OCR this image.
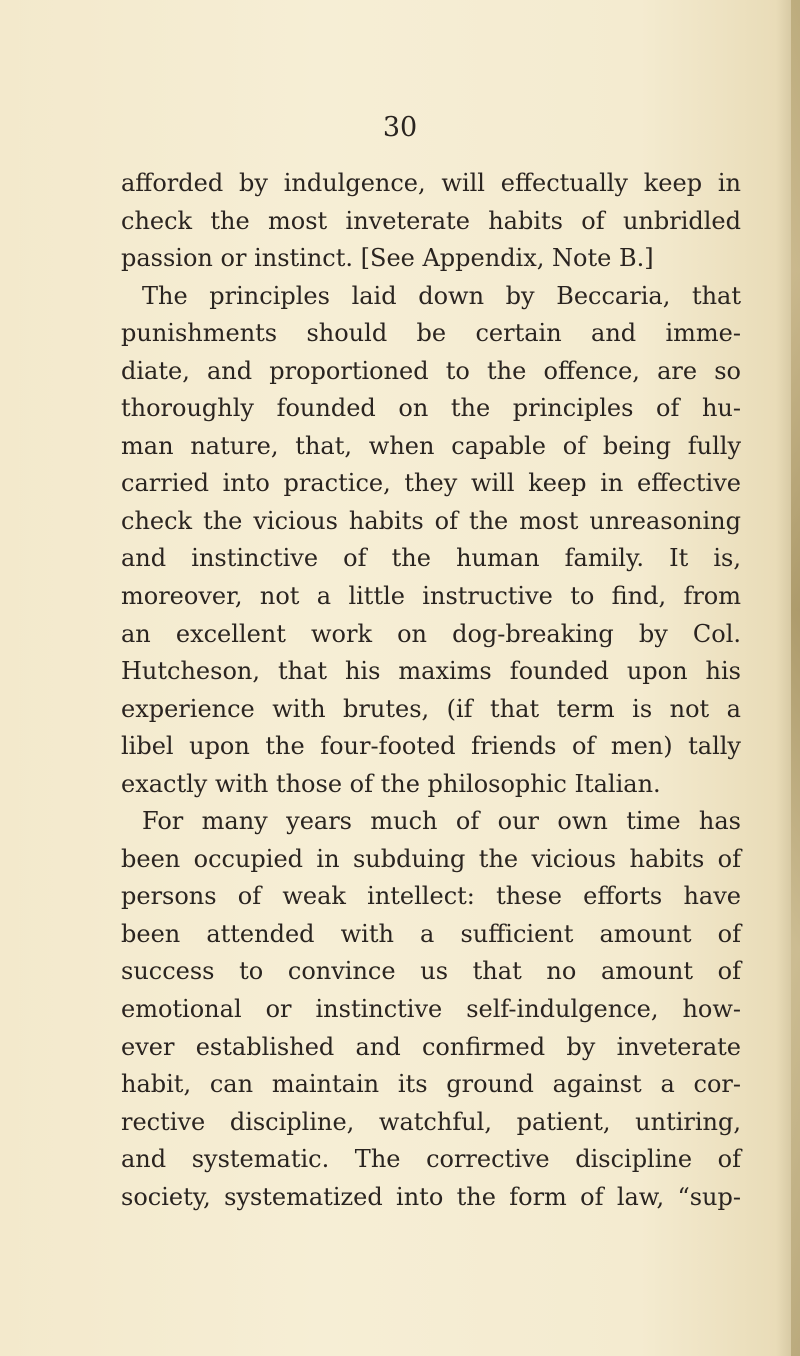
30
afforded by indulgence, will effectually keep in
check the most inveterate habits of unbridled
passion or instinct. [See Appendix, Note B.]
The principles laid down by Beccaria, that
punishments should be certain and imme-
diate, and proportioned to the offence, are so
thoroughly founded on the principles of hu-
man nature, that, when capable of being fully
carried into practice, they will keep in effective
check the vicious habits of the most unreasoning
and instinctive of the human family. It is,
moreover, not a little instructive to find, from
an excellent work on dog-breaking by Col.
Hutcheson, that his maxims founded upon his
experience with brutes, (if that term is not a
libel upon the four-footed friends of men) tally
exactly with those of the philosophic Italian.
For many years much of our own time has
been occupied in subduing the vicious habits of
persons of weak intellect: these efforts have
been attended with a sufficient amount of
success to convince us that no amount of
emotional or instinctive self-indulgence, how-
ever established and confirmed by inveterate
habit, can maintain its ground against a cor-
rective discipline, watchful, patient, untiring,
and systematic. The corrective discipline of
society, systematized into the form of law, “sup-
